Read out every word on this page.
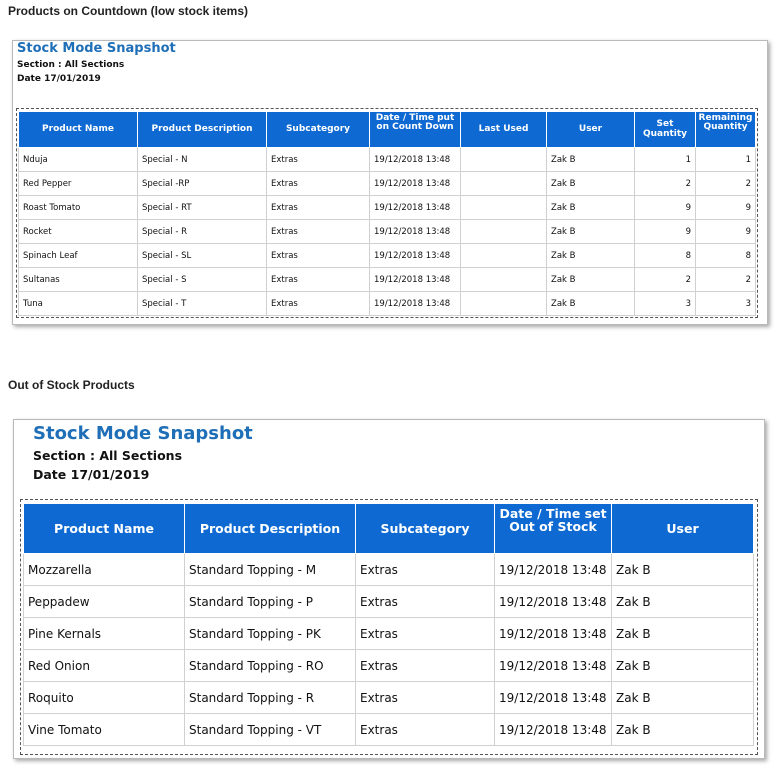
Products on Countdown (low stock items)
Stock Mode Snapshot
Section : All Sections
Date 17/01/2019
Product Name	Product Description	Subcategory	Date / Time put on Count Down	Last Used	User	Set Quantity	Remaining Quantity
Nduja	Special - N	Extras	19/12/2018 13:48		Zak B	1	1
Red Pepper	Special -RP	Extras	19/12/2018 13:48		Zak B	2	2
Roast Tomato	Special - RT	Extras	19/12/2018 13:48		Zak B	9	9
Rocket	Special - R	Extras	19/12/2018 13:48		Zak B	9	9
Spinach Leaf	Special - SL	Extras	19/12/2018 13:48		Zak B	8	8
Sultanas	Special - S	Extras	19/12/2018 13:48		Zak B	2	2
Tuna	Special - T	Extras	19/12/2018 13:48		Zak B	3	3
Out of Stock Products
Stock Mode Snapshot
Section : All Sections
Date 17/01/2019
Product Name	Product Description	Subcategory	Date / Time set Out of Stock	User
Mozzarella	Standard Topping - M	Extras	19/12/2018 13:48	Zak B
Peppadew	Standard Topping - P	Extras	19/12/2018 13:48	Zak B
Pine Kernals	Standard Topping - PK	Extras	19/12/2018 13:48	Zak B
Red Onion	Standard Topping - RO	Extras	19/12/2018 13:48	Zak B
Roquito	Standard Topping - R	Extras	19/12/2018 13:48	Zak B
Vine Tomato	Standard Topping - VT	Extras	19/12/2018 13:48	Zak B
